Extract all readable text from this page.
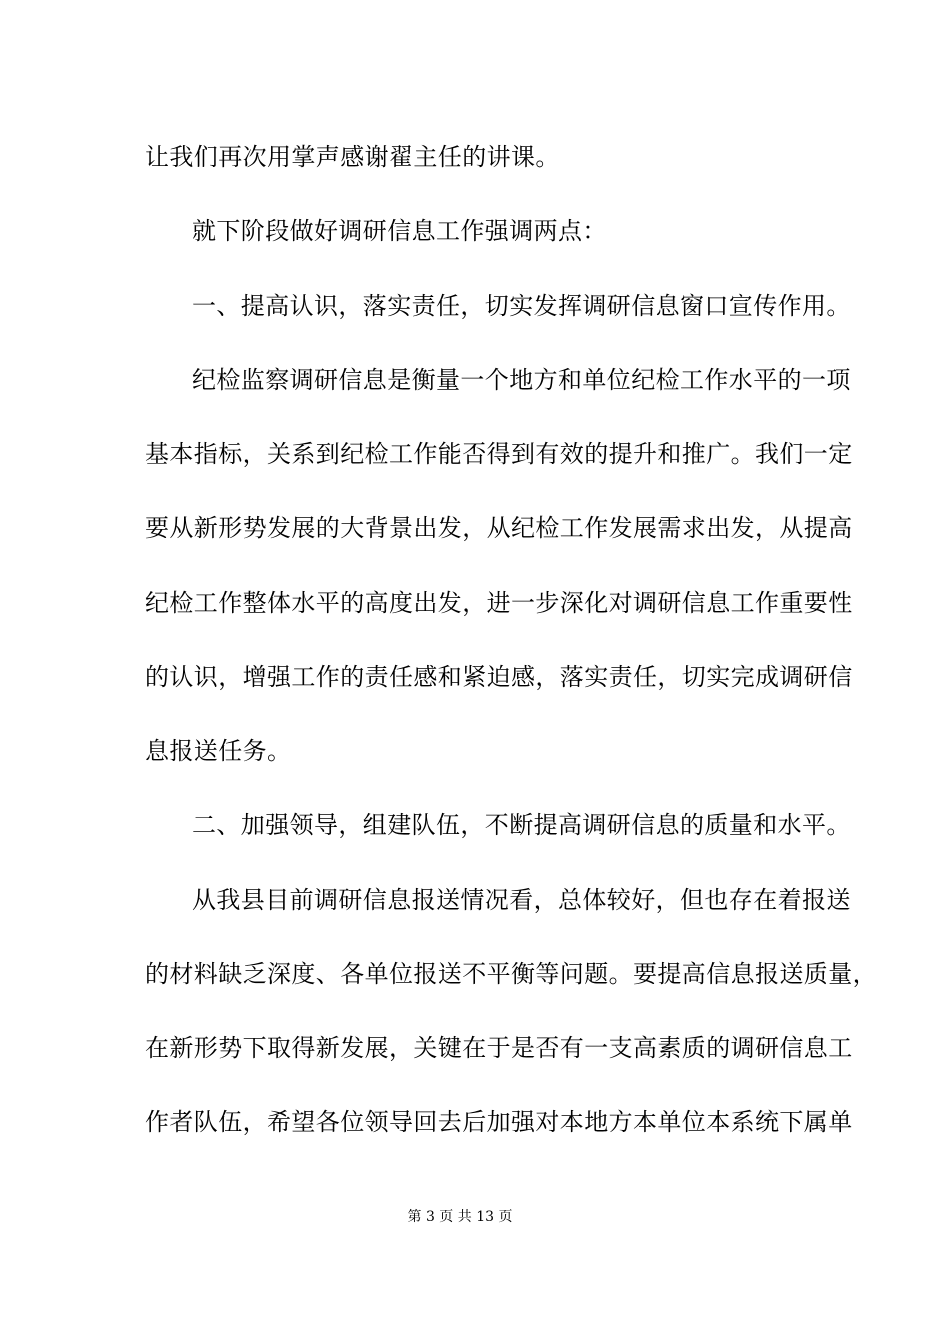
让我们再次用掌声感谢翟主任的讲课。
就下阶段做好调研信息工作强调两点：
一、提高认识，落实责任，切实发挥调研信息窗口宣传作用。
纪检监察调研信息是衡量一个地方和单位纪检工作水平的一项
基本指标，关系到纪检工作能否得到有效的提升和推广。我们一定
要从新形势发展的大背景出发，从纪检工作发展需求出发，从提高
纪检工作整体水平的高度出发，进一步深化对调研信息工作重要性
的认识，增强工作的责任感和紧迫感，落实责任，切实完成调研信
息报送任务。
二、加强领导，组建队伍，不断提高调研信息的质量和水平。
从我县目前调研信息报送情况看，总体较好，但也存在着报送
的材料缺乏深度、各单位报送不平衡等问题。要提高信息报送质量，
在新形势下取得新发展，关键在于是否有一支高素质的调研信息工
作者队伍，希望各位领导回去后加强对本地方本单位本系统下属单
第 3 页 共 13 页
